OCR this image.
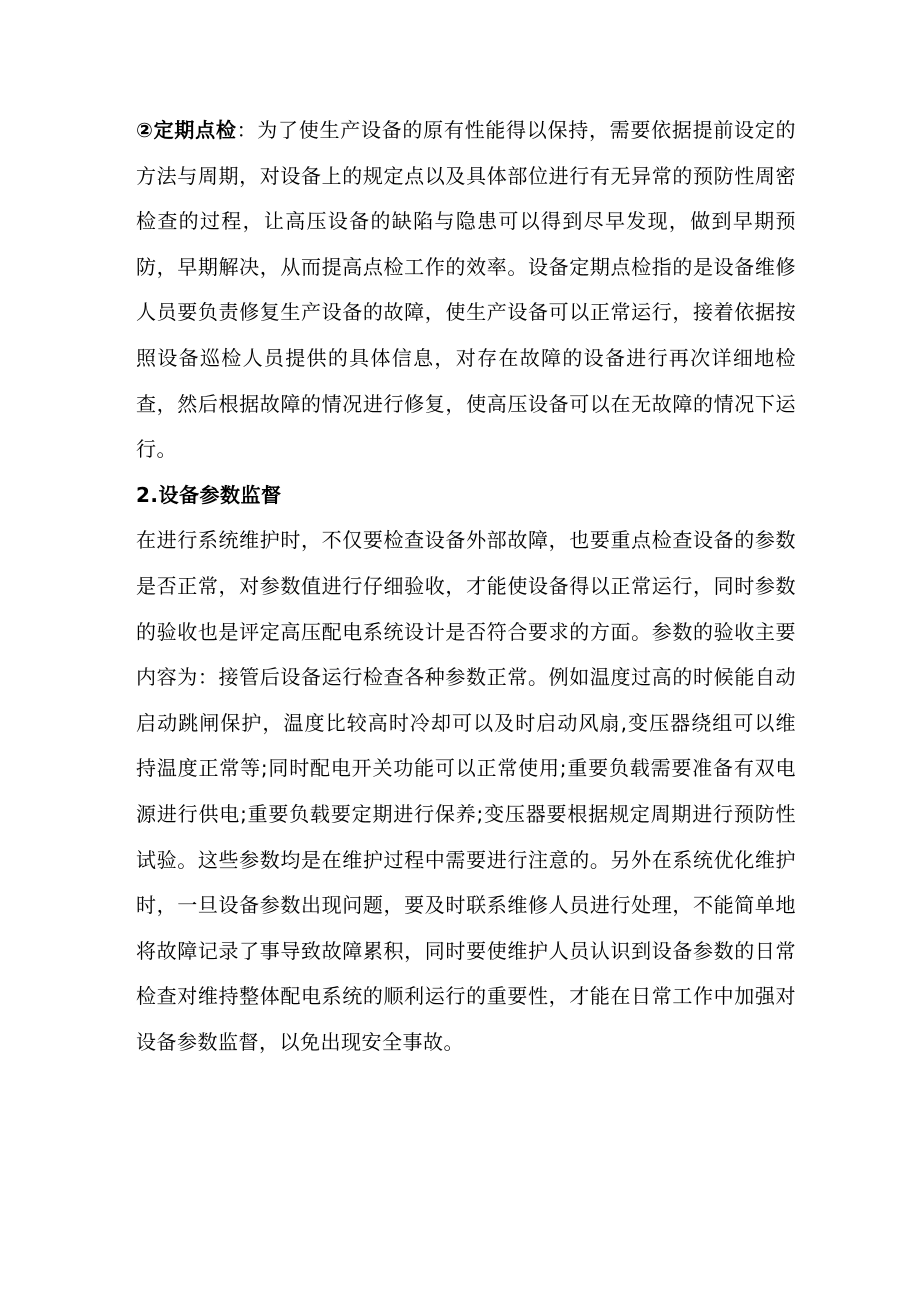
②定期点检：为了使生产设备的原有性能得以保持，需要依据提前设定的方法与周期，对设备上的规定点以及具体部位进行有无异常的预防性周密检查的过程，让高压设备的缺陷与隐患可以得到尽早发现，做到早期预防，早期解决，从而提高点检工作的效率。设备定期点检指的是设备维修人员要负责修复生产设备的故障，使生产设备可以正常运行，接着依据按照设备巡检人员提供的具体信息，对存在故障的设备进行再次详细地检查，然后根据故障的情况进行修复，使高压设备可以在无故障的情况下运行。

2.设备参数监督

在进行系统维护时，不仅要检查设备外部故障，也要重点检查设备的参数是否正常，对参数值进行仔细验收，才能使设备得以正常运行，同时参数的验收也是评定高压配电系统设计是否符合要求的方面。参数的验收主要内容为：接管后设备运行检查各种参数正常。例如温度过高的时候能自动启动跳闸保护，温度比较高时冷却可以及时启动风扇,变压器绕组可以维持温度正常等;同时配电开关功能可以正常使用;重要负载需要准备有双电源进行供电;重要负载要定期进行保养;变压器要根据规定周期进行预防性试验。这些参数均是在维护过程中需要进行注意的。另外在系统优化维护时，一旦设备参数出现问题，要及时联系维修人员进行处理，不能简单地将故障记录了事导致故障累积，同时要使维护人员认识到设备参数的日常检查对维持整体配电系统的顺利运行的重要性，才能在日常工作中加强对设备参数监督，以免出现安全事故。
